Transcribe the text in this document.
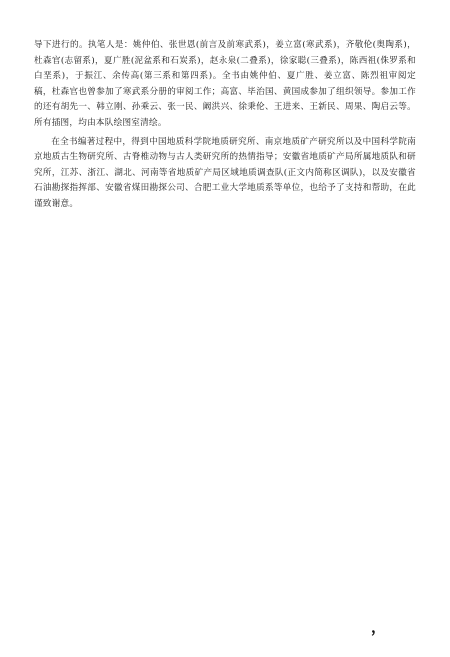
导下进行的。执笔人是：姚仲伯、张世恩(前言及前寒武系)，姜立富(寒武系)，齐敬伦(奥陶系)，杜森官(志留系)，夏广胜(泥盆系和石炭系)，赵永泉(二叠系)，徐家聪(三叠系)，陈西祖(侏罗系和白垩系)，于振江、余传高(第三系和第四系)。全书由姚仲伯、夏广胜、姜立富、陈烈祖审阅定稿，杜森官也曾参加了寒武系分册的审阅工作；高富、毕治国、黄国成参加了组织领导。参加工作的还有胡先一、韩立刚、孙乘云、张一民、阚洪兴、徐秉伦、王进来、王新民、周果、陶启云等。所有插图，均由本队绘图室清绘。

在全书编著过程中，得到中国地质科学院地质研究所、南京地质矿产研究所以及中国科学院南京地质古生物研究所、古脊椎动物与古人类研究所的热情指导；安徽省地质矿产局所属地质队和研究所，江苏、浙江、湖北、河南等省地质矿产局区域地质调查队(正文内简称区调队)，以及安徽省石油勘探指挥部、安徽省煤田勘探公司、合肥工业大学地质系等单位，也给予了支持和帮助，在此谨致谢意。

，
